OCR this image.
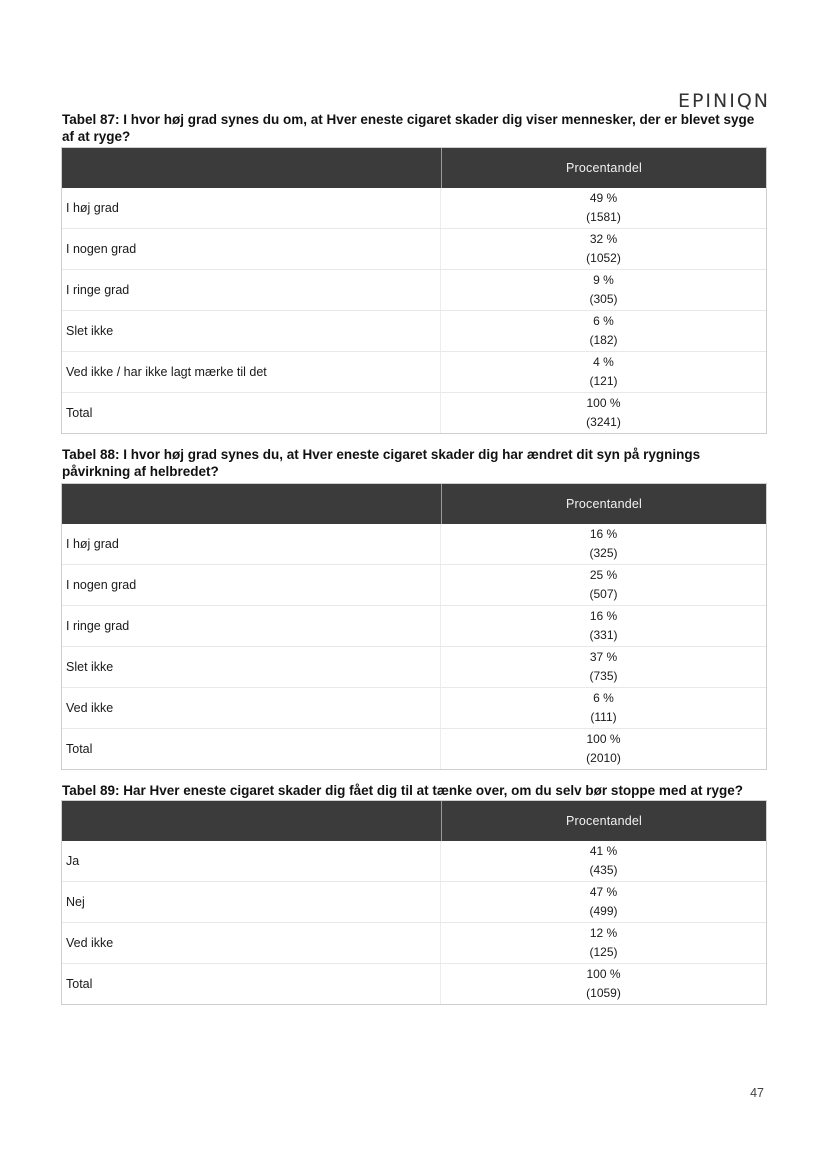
EPINIQN
Tabel 87: I hvor høj grad synes du om, at Hver eneste cigaret skader dig viser mennesker, der er blevet syge af at ryge?
Procentandel
I høj grad
49 %
(1581)
I nogen grad
32 %
(1052)
I ringe grad
9 %
(305)
Slet ikke
6 %
(182)
Ved ikke / har ikke lagt mærke til det
4 %
(121)
Total
100 %
(3241)
Tabel 88: I hvor høj grad synes du, at Hver eneste cigaret skader dig har ændret dit syn på rygnings påvirkning af helbredet?
Procentandel
I høj grad
16 %
(325)
I nogen grad
25 %
(507)
I ringe grad
16 %
(331)
Slet ikke
37 %
(735)
Ved ikke
6 %
(111)
Total
100 %
(2010)
Tabel 89: Har Hver eneste cigaret skader dig fået dig til at tænke over, om du selv bør stoppe med at ryge?
Procentandel
Ja
41 %
(435)
Nej
47 %
(499)
Ved ikke
12 %
(125)
Total
100 %
(1059)
47
